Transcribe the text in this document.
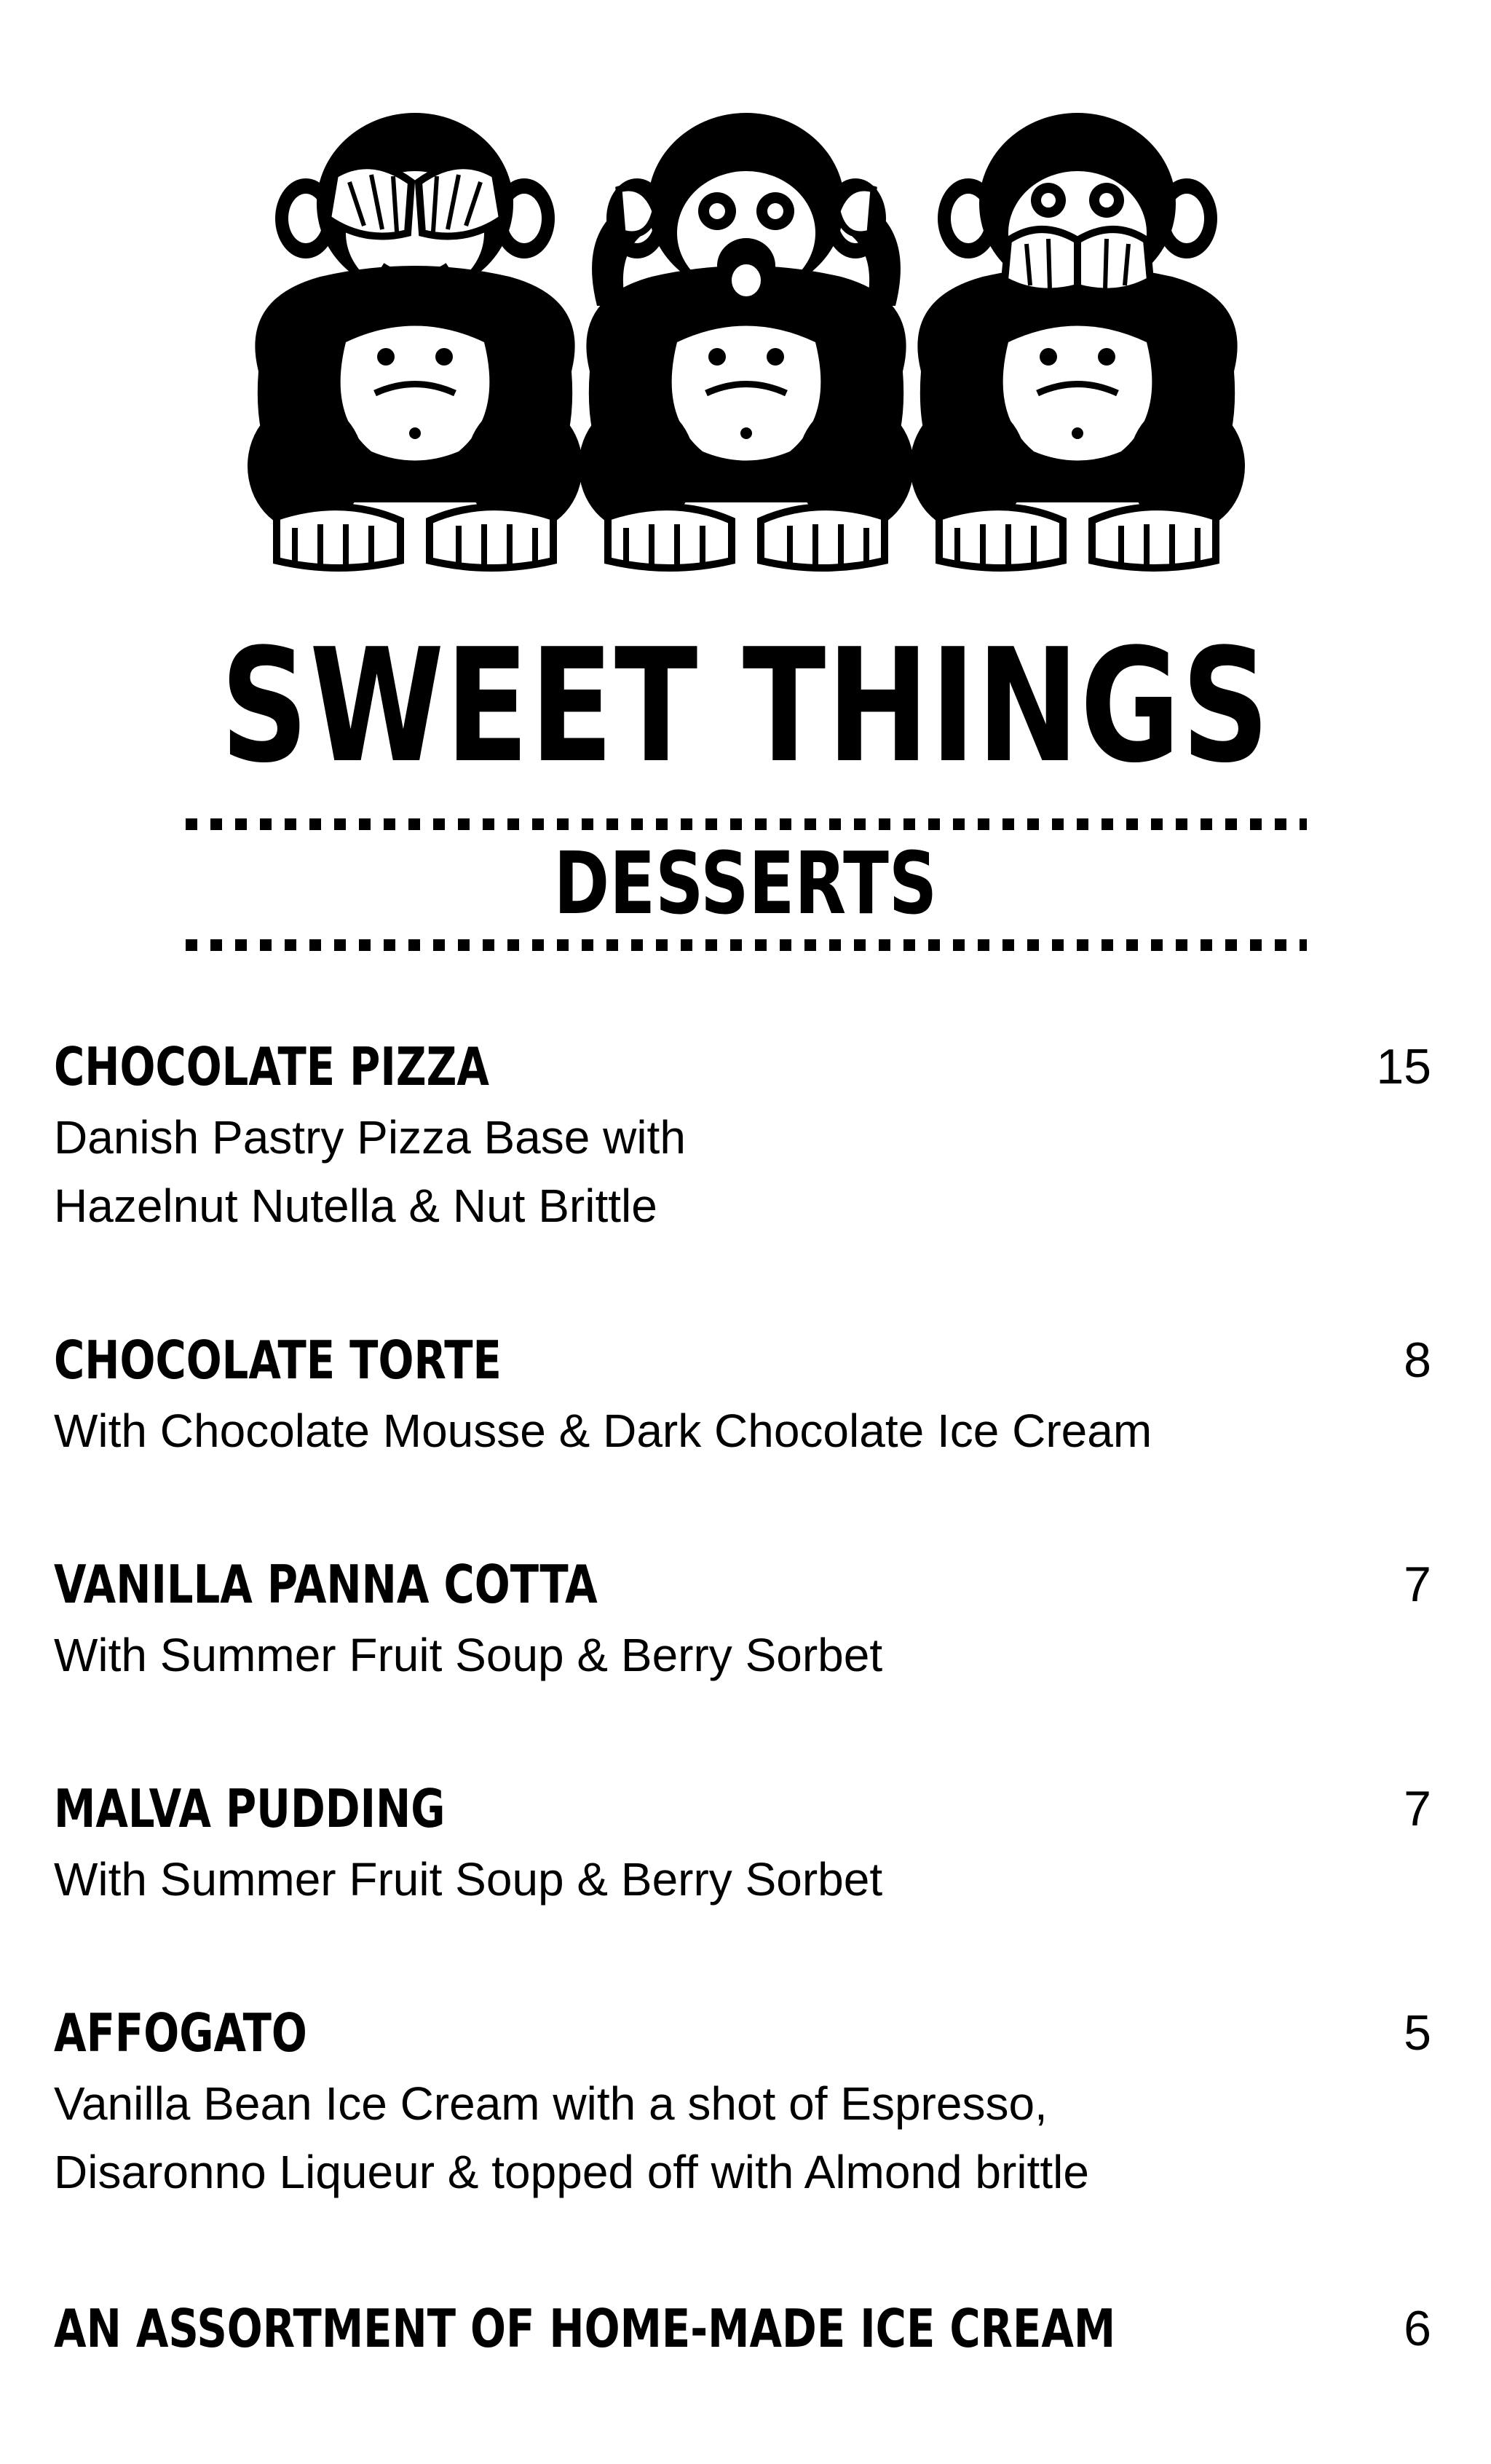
SWEET THINGS
DESSERTS
CHOCOLATE PIZZA	15
Danish Pastry Pizza Base with
Hazelnut Nutella & Nut Brittle
CHOCOLATE TORTE	8
With Chocolate Mousse & Dark Chocolate Ice Cream
VANILLA PANNA COTTA	7
With Summer Fruit Soup & Berry Sorbet
MALVA PUDDING	7
With Summer Fruit Soup & Berry Sorbet
AFFOGATO	5
Vanilla Bean Ice Cream with a shot of Espresso,
Disaronno Liqueur & topped off with Almond brittle
AN ASSORTMENT OF HOME-MADE ICE CREAM	6
